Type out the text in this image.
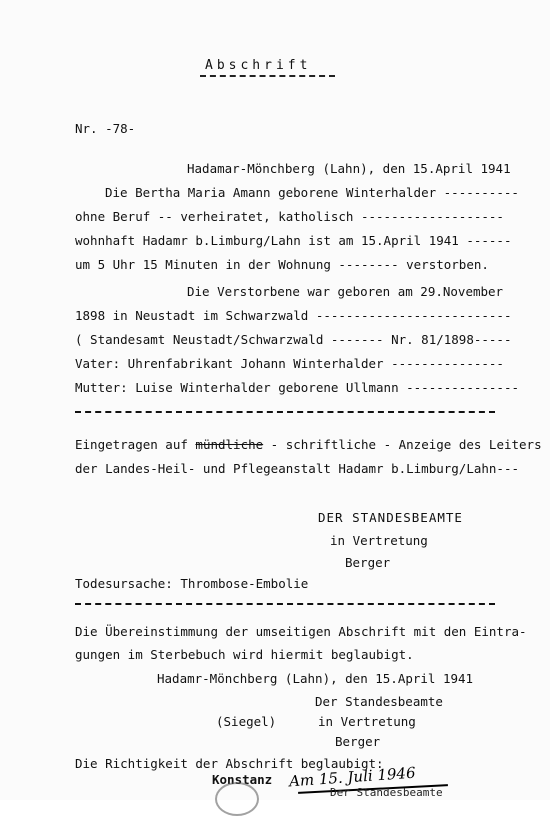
Abschrift
Nr. -78-
Hadamar-Mönchberg (Lahn), den 15.April 1941
Die Bertha Maria Amann geborene Winterhalder ----------
ohne Beruf -- verheiratet, katholisch -------------------
wohnhaft Hadamr b.Limburg/Lahn ist am 15.April 1941 ------
um 5 Uhr 15 Minuten in der Wohnung -------- verstorben.
Die Verstorbene war geboren am 29.November
1898 in Neustadt im Schwarzwald --------------------------
( Standesamt Neustadt/Schwarzwald ------- Nr. 81/1898-----
Vater: Uhrenfabrikant Johann Winterhalder ---------------
Mutter: Luise Winterhalder geborene Ullmann ---------------
Eingetragen auf mündliche - schriftliche - Anzeige des Leiters
der Landes-Heil- und Pflegeanstalt Hadamr b.Limburg/Lahn---
DER STANDESBEAMTE
in Vertretung
Berger
Todesursache: Thrombose-Embolie
Die Übereinstimmung der umseitigen Abschrift mit den Eintra-
gungen im Sterbebuch wird hiermit beglaubigt.
Hadamr-Mönchberg (Lahn), den 15.April 1941
Der Standesbeamte
(Siegel)	in Vertretung
Berger
Die Richtigkeit der Abschrift beglaubigt:
Konstanz Am 15. Juli 1946
Der Standesbeamte
